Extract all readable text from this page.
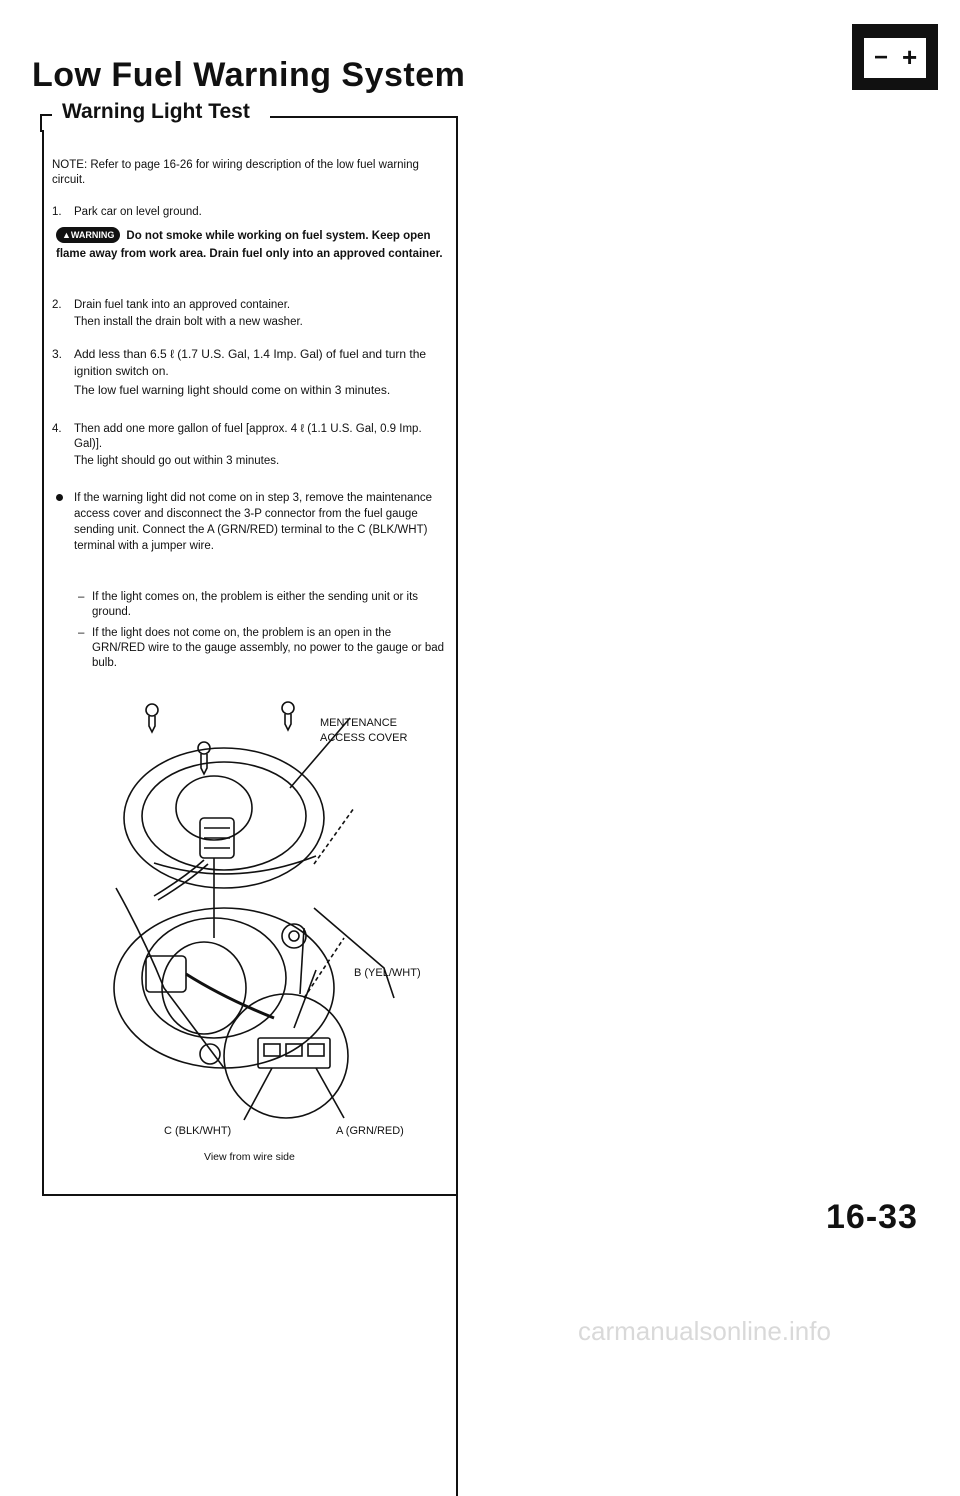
Low Fuel Warning System	− +
Warning Light Test
NOTE: Refer to page 16-26 for wiring description of the low fuel warning circuit.
1.	Park car on level ground.
▲WARNING Do not smoke while working on fuel system. Keep open flame away from work area. Drain fuel only into an approved container.
2.	Drain fuel tank into an approved container.
Then install the drain bolt with a new washer.
3. Add less than 6.5 ℓ (1.7 U.S. Gal, 1.4 Imp. Gal) of fuel and turn the ignition switch on.
The low fuel warning light should come on within 3 minutes.
4.	Then add one more gallon of fuel [approx. 4 ℓ (1.1 U.S. Gal, 0.9 Imp. Gal)].
The light should go out within 3 minutes.
If the warning light did not come on in step 3, remove the maintenance access cover and disconnect the 3-P connector from the fuel gauge sending unit. Connect the A (GRN/RED) terminal to the C (BLK/WHT) terminal with a jumper wire.
– If the light comes on, the problem is either the sending unit or its ground.
– If the light does not come on, the problem is an open in the GRN/RED wire to the gauge assembly, no power to the gauge or bad bulb.
MENTENANCE
ACCESS COVER
B (YEL/WHT)
C (BLK/WHT)	A (GRN/RED)
View from wire side
16-33
carmanualsonline.info
